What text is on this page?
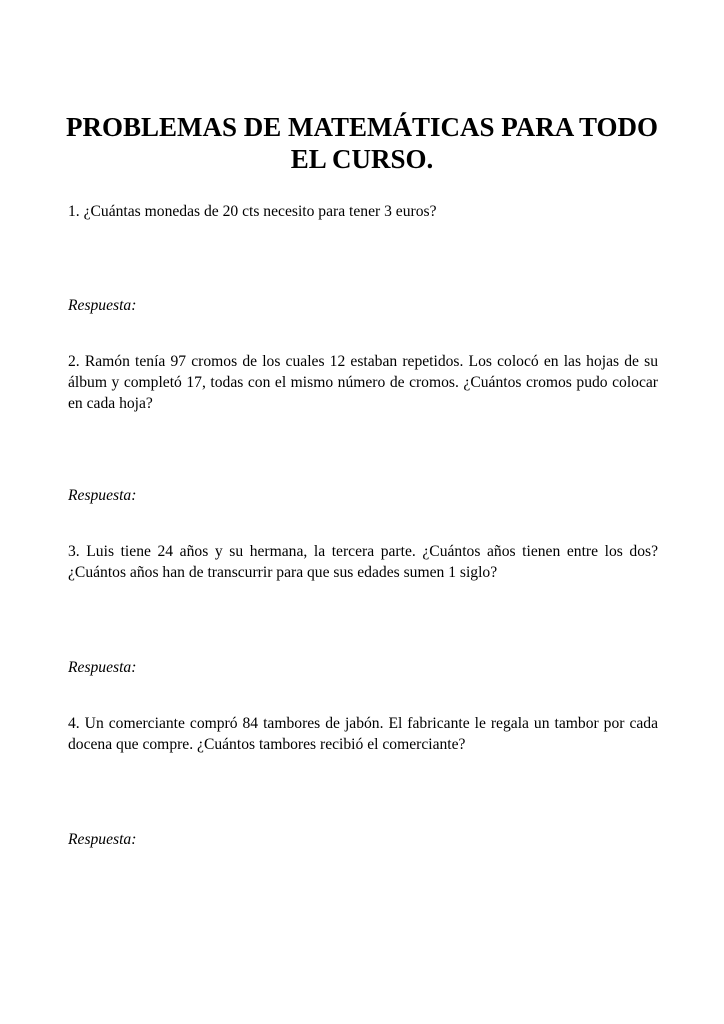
PROBLEMAS DE MATEMÁTICAS PARA TODO EL CURSO.

1. ¿Cuántas monedas de 20 cts necesito para tener 3 euros?

Respuesta:

2. Ramón tenía 97 cromos de los cuales 12 estaban repetidos. Los colocó en las hojas de su álbum y completó 17, todas con el mismo número de cromos. ¿Cuántos cromos pudo colocar en cada hoja?

Respuesta:

3. Luis tiene 24 años y su hermana, la tercera parte. ¿Cuántos años tienen entre los dos? ¿Cuántos años han de transcurrir para que sus edades sumen 1 siglo?

Respuesta:

4. Un comerciante compró 84 tambores de jabón. El fabricante le regala un tambor por cada docena que compre. ¿Cuántos tambores recibió el comerciante?

Respuesta:
